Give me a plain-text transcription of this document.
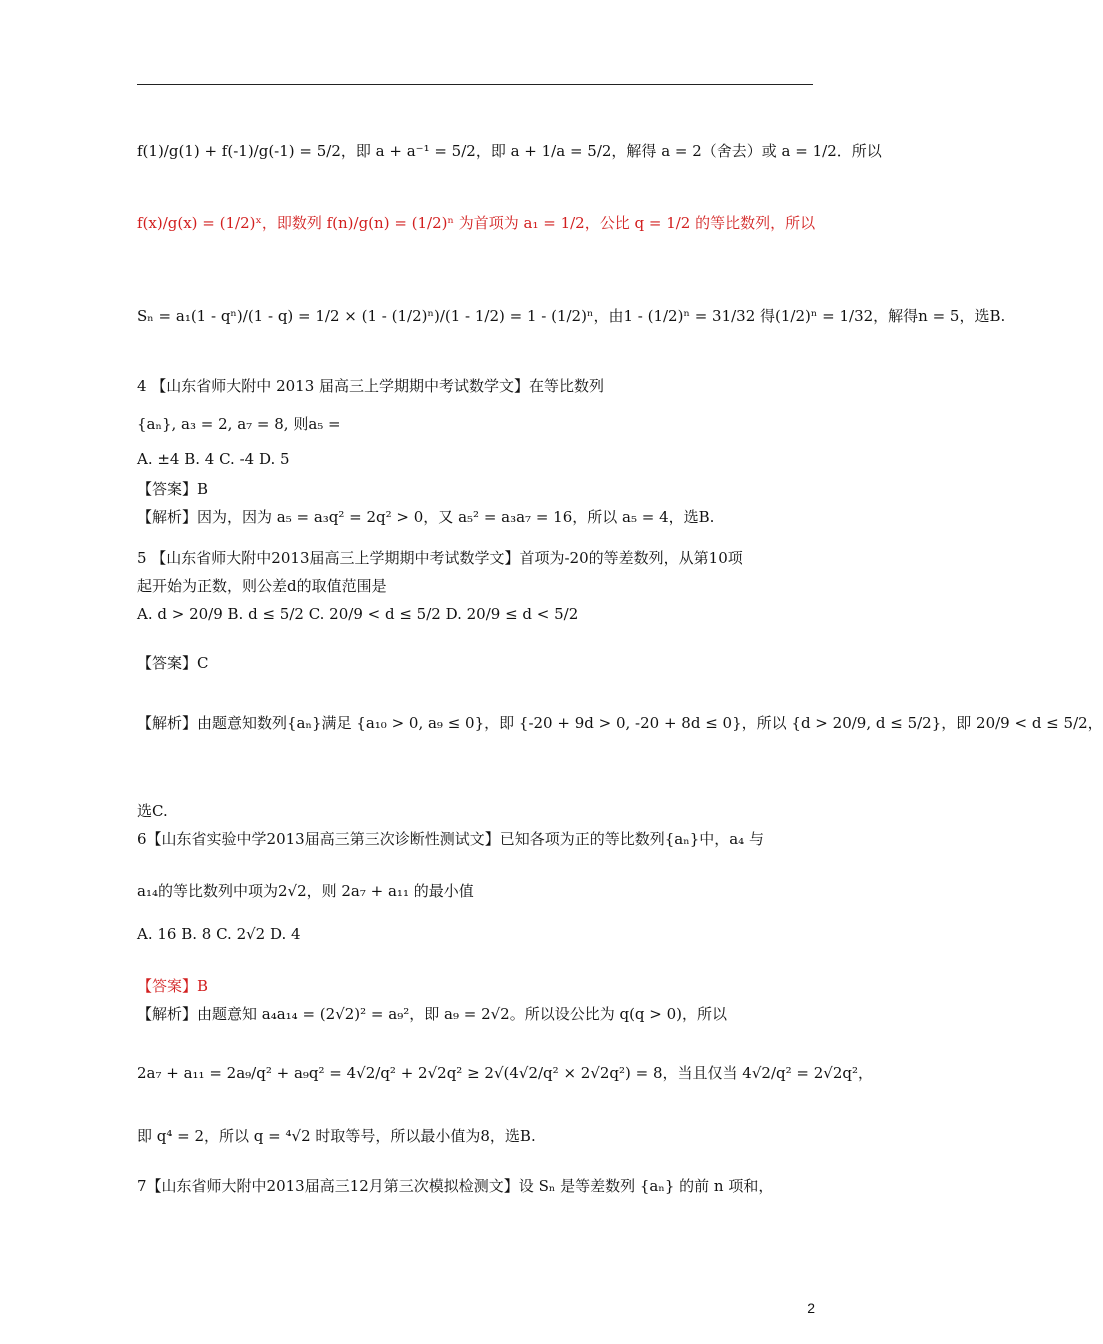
f(1)/g(1) + f(-1)/g(-1) = 5/2，即 a + a⁻¹ = 5/2，即 a + 1/a = 5/2，解得 a = 2（舍去）或 a = 1/2．所以
f(x)/g(x) = (1/2)ˣ，即数列 f(n)/g(n) = (1/2)ⁿ 为首项为 a₁ = 1/2，公比 q = 1/2 的等比数列，所以
Sₙ = a₁(1 - qⁿ)/(1 - q) = 1/2 × (1 - (1/2)ⁿ)/(1 - 1/2) = 1 - (1/2)ⁿ，由1 - (1/2)ⁿ = 31/32 得(1/2)ⁿ = 1/32，解得n = 5，选B.
4 【山东省师大附中 2013 届高三上学期期中考试数学文】在等比数列
{aₙ}, a₃ = 2, a₇ = 8, 则a₅ =
A. ±4 B. 4 C. -4 D. 5
【答案】B
【解析】因为，因为 a₅ = a₃q² = 2q² > 0，又 a₅² = a₃a₇ = 16，所以 a₅ = 4，选B.
5 【山东省师大附中2013届高三上学期期中考试数学文】首项为-20的等差数列，从第10项
起开始为正数，则公差d的取值范围是
A. d > 20/9 B. d ≤ 5/2 C. 20/9 < d ≤ 5/2 D. 20/9 ≤ d < 5/2
【答案】C
【解析】由题意知数列{aₙ}满足 {a₁₀ > 0, a₉ ≤ 0}，即 {-20 + 9d > 0, -20 + 8d ≤ 0}，所以 {d > 20/9, d ≤ 5/2}，即 20/9 < d ≤ 5/2，
选C.
6【山东省实验中学2013届高三第三次诊断性测试文】已知各项为正的等比数列{aₙ}中，a₄ 与
a₁₄的等比数列中项为2√2，则 2a₇ + a₁₁ 的最小值
A. 16 B. 8 C. 2√2 D. 4
【答案】B
【解析】由题意知 a₄a₁₄ = (2√2)² = a₉²，即 a₉ = 2√2。所以设公比为 q(q > 0)，所以
2a₇ + a₁₁ = 2a₉/q² + a₉q² = 4√2/q² + 2√2q² ≥ 2√(4√2/q² × 2√2q²) = 8，当且仅当 4√2/q² = 2√2q²，
即 q⁴ = 2，所以 q = ⁴√2 时取等号，所以最小值为8，选B.
7【山东省师大附中2013届高三12月第三次模拟检测文】设 Sₙ 是等差数列 {aₙ} 的前 n 项和，
2
